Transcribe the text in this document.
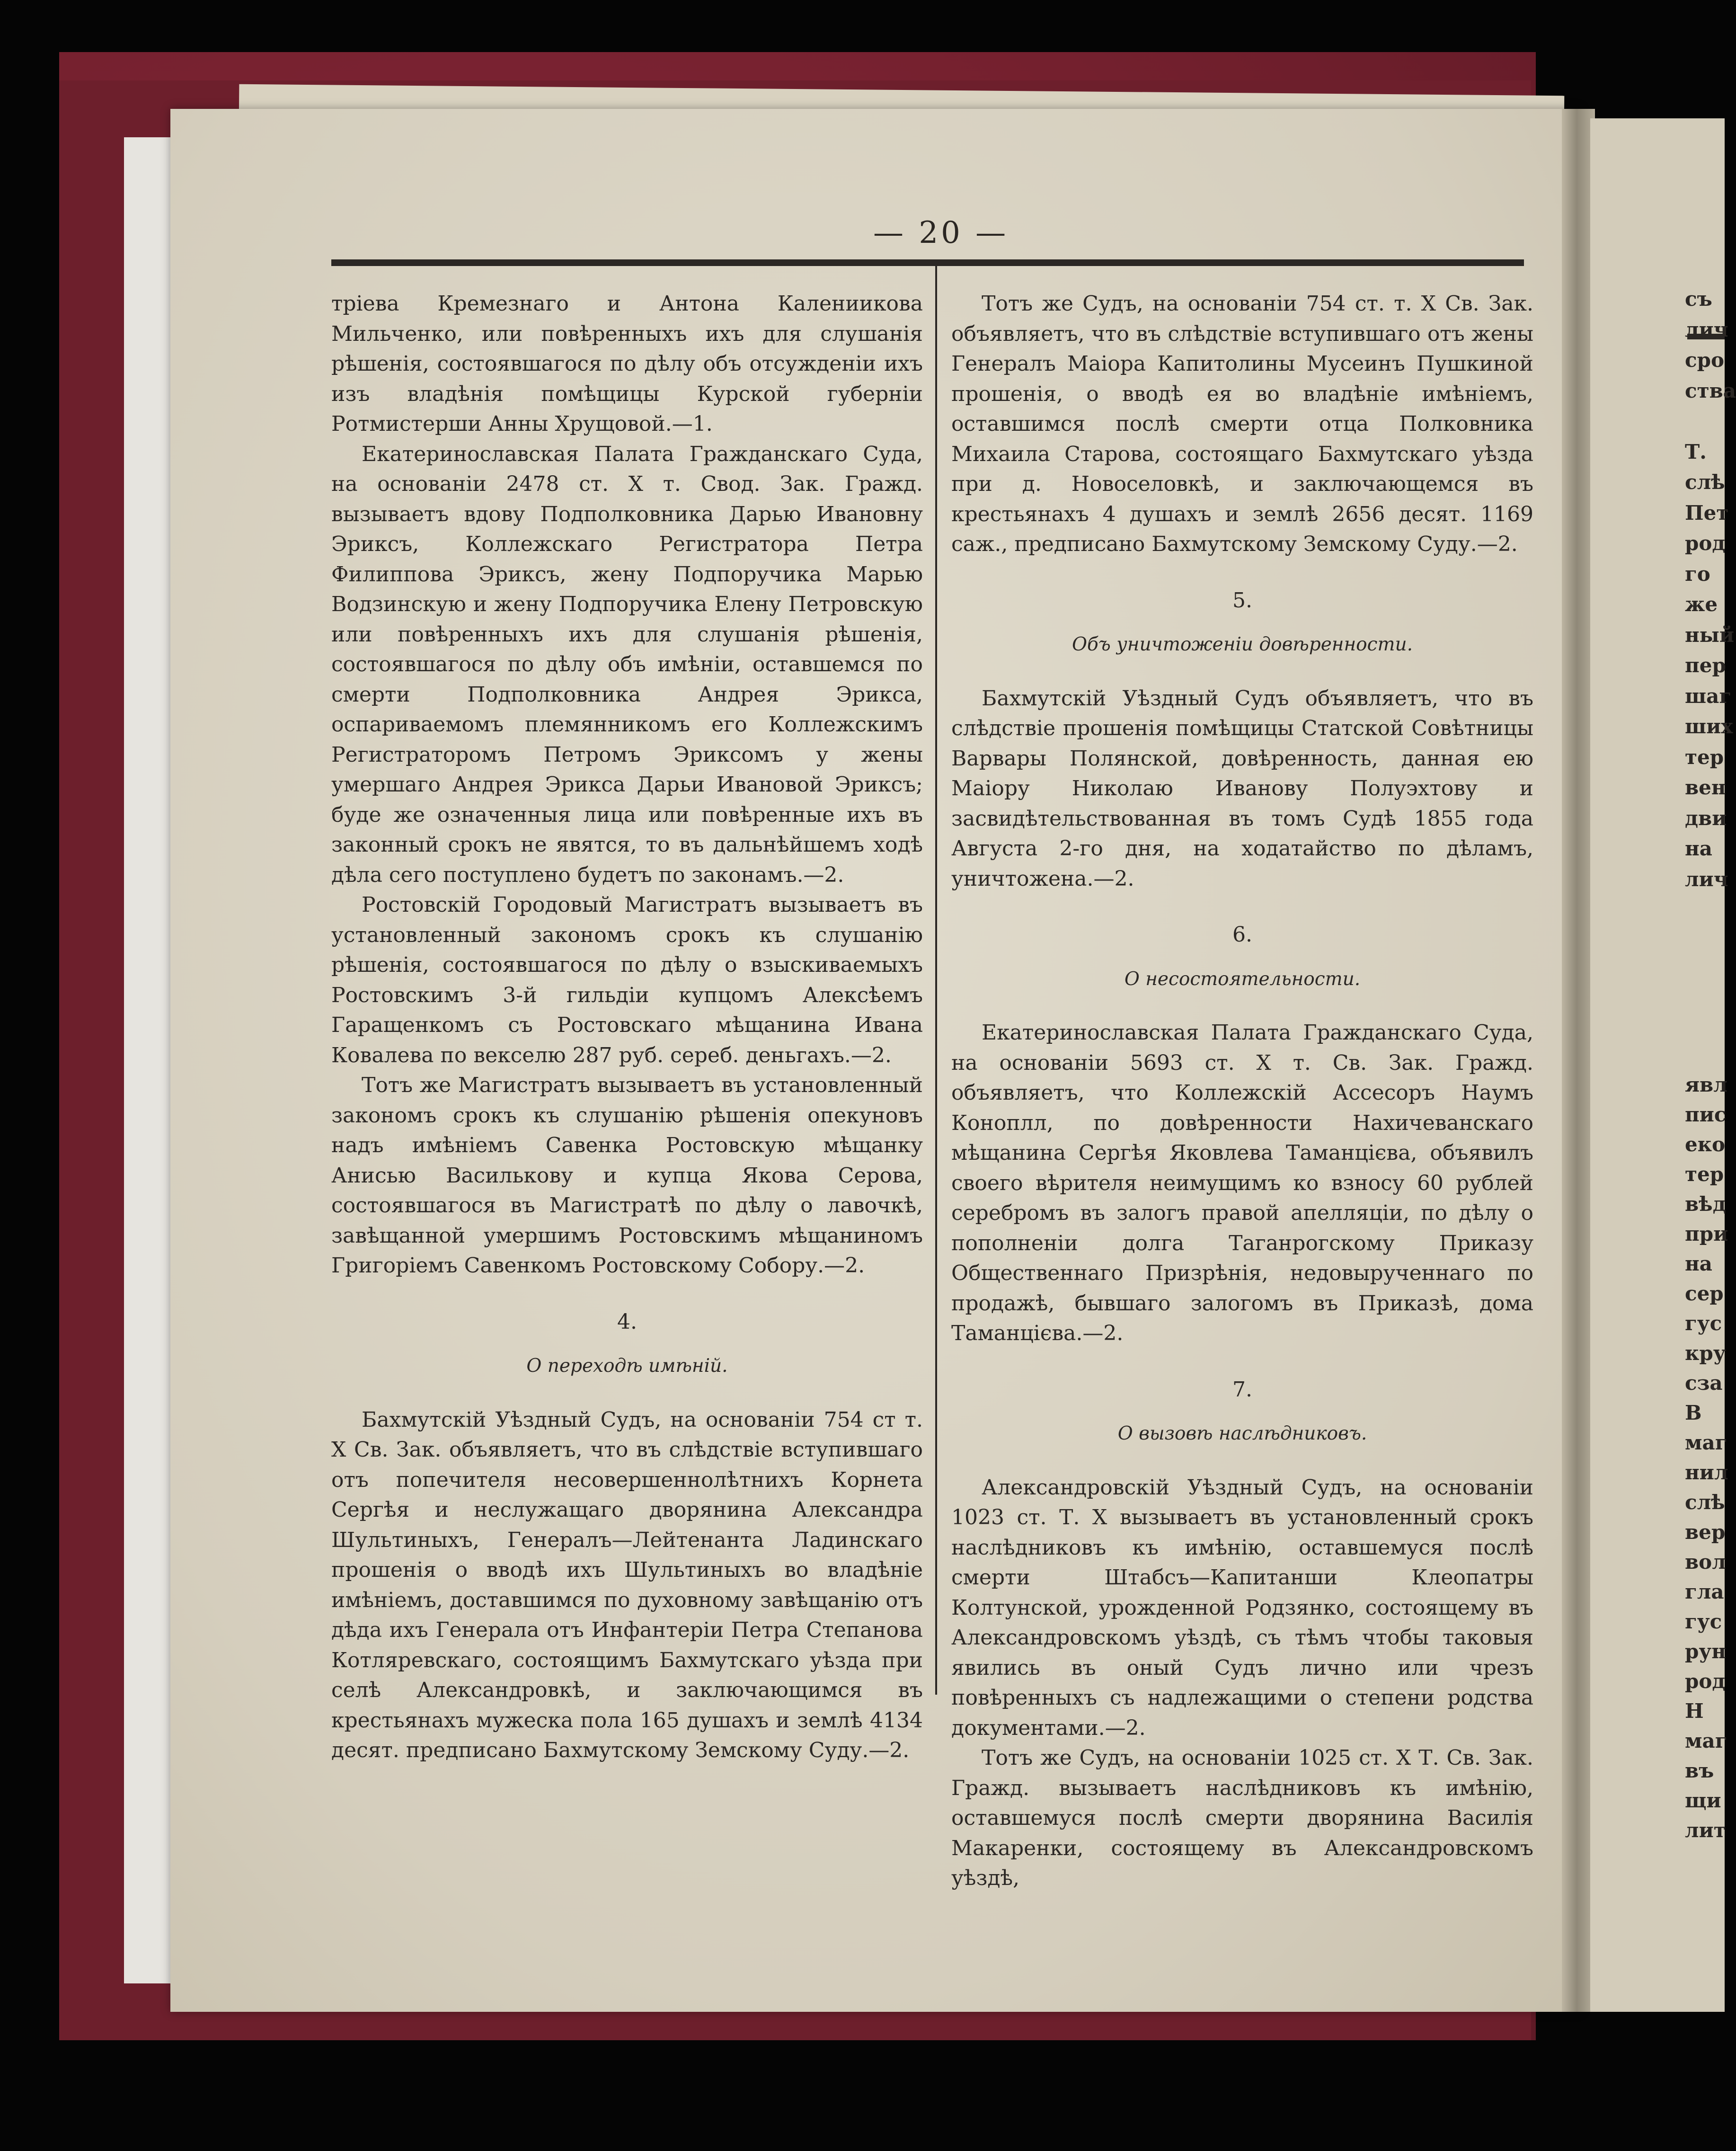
— 20 —

тріева Кремезнаго и Антона Калениикова Мильченко, или повѣренныхъ ихъ для слушанія рѣшенія, состоявшагося по дѣлу объ отсужденіи ихъ изъ владѣнія помѣщицы Курской губерніи Ротмистерши Анны Хрущовой.—1.

Екатеринославская Палата Гражданскаго Суда, на основаніи 2478 ст. X т. Свод. Зак. Гражд. вызываетъ вдову Подполковника Дарью Ивановну Эриксъ, Коллежскаго Регистратора Петра Филиппова Эриксъ, жену Подпоручика Марью Водзинскую и жену Подпоручика Елену Петровскую или повѣренныхъ ихъ для слушанія рѣшенія, состоявшагося по дѣлу объ имѣніи, оставшемся по смерти Подполковника Андрея Эрикса, оспариваемомъ племянникомъ его Коллежскимъ Регистраторомъ Петромъ Эриксомъ у жены умершаго Андрея Эрикса Дарьи Ивановой Эриксъ; буде же означенныя лица или повѣренные ихъ въ законный срокъ не явятся, то въ дальнѣйшемъ ходѣ дѣла сего поступлено будетъ по законамъ.—2.

Ростовскій Городовый Магистратъ вызываетъ въ установленный закономъ срокъ къ слушанію рѣшенія, состоявшагося по дѣлу о взыскиваемыхъ Ростовскимъ 3-й гильдіи купцомъ Алексѣемъ Гаращенкомъ съ Ростовскаго мѣщанина Ивана Ковалева по векселю 287 руб. сереб. деньгахъ.—2.

Тотъ же Магистратъ вызываетъ въ установленный закономъ срокъ къ слушанію рѣшенія опекуновъ надъ имѣніемъ Савенка Ростовскую мѣщанку Анисью Василькову и купца Якова Серова, состоявшагося въ Магистратѣ по дѣлу о лавочкѣ, завѣщанной умершимъ Ростовскимъ мѣщаниномъ Григоріемъ Савенкомъ Ростовскому Собору.—2.

4.

О переходѣ имѣній.

Бахмутскій Уѣздный Судъ, на основаніи 754 ст т. X Св. Зак. объявляетъ, что въ слѣдствіе вступившаго отъ попечителя несовершеннолѣтнихъ Корнета Сергѣя и неслужащаго дворянина Александра Шультиныхъ, Генералъ—Лейтенанта Ладинскаго прошенія о вводѣ ихъ Шультиныхъ во владѣніе имѣніемъ, доставшимся по духовному завѣщанію отъ дѣда ихъ Генерала отъ Инфантеріи Петра Степанова Котляревскаго, состоящимъ Бахмутскаго уѣзда при селѣ Александровкѣ, и заключающимся въ крестьянахъ мужеска пола 165 душахъ и землѣ 4134 десят. предписано Бахмутскому Земскому Суду.—2.

Тотъ же Судъ, на основаніи 754 ст. т. X Св. Зак. объявляетъ, что въ слѣдствіе вступившаго отъ жены Генералъ Маіора Капитолины Мусеинъ Пушкиной прошенія, о вводѣ ея во владѣніе имѣніемъ, оставшимся послѣ смерти отца Полковника Михаила Старова, состоящаго Бахмутскаго уѣзда при д. Новоселовкѣ, и заключающемся въ крестьянахъ 4 душахъ и землѣ 2656 десят. 1169 саж., предписано Бахмутскому Земскому Суду.—2.

5.

Объ уничтоженіи довѣренности.

Бахмутскій Уѣздный Судъ объявляетъ, что въ слѣдствіе прошенія помѣщицы Статской Совѣтницы Варвары Полянской, довѣренность, данная ею Маіору Николаю Иванову Полуэхтову и засвидѣтельствованная въ томъ Судѣ 1855 года Августа 2-го дня, на ходатайство по дѣламъ, уничтожена.—2.

6.

О несостоятельности.

Екатеринославская Палата Гражданскаго Суда, на основаніи 5693 ст. X т. Св. Зак. Гражд. объявляетъ, что Коллежскій Ассесоръ Наумъ Коноплл, по довѣренности Нахичеванскаго мѣщанина Сергѣя Яковлева Таманцієва, объявилъ своего вѣрителя неимущимъ ко взносу 60 рублей серебромъ въ залогъ правой апелляціи, по дѣлу о пополненіи долга Таганрогскому Приказу Общественнаго Призрѣнія, недовырученнаго по продажѣ, бывшаго залогомъ въ Приказѣ, дома Таманцієва.—2.

7.

О вызовѣ наслѣдниковъ.

Александровскій Уѣздный Судъ, на основаніи 1023 ст. Т. X вызываетъ въ установленный срокъ наслѣдниковъ къ имѣнію, оставшемуся послѣ смерти Штабсъ—Капитанши Клеопатры Колтунской, урожденной Родзянко, состоящему въ Александровскомъ уѣздѣ, съ тѣмъ чтобы таковыя явились въ оный Судъ лично или чрезъ повѣренныхъ съ надлежащими о степени родства документами.—2.

Тотъ же Судъ, на основаніи 1025 ст. X Т. Св. Зак. Гражд. вызываетъ наслѣдниковъ къ имѣнію, оставшемуся послѣ смерти дворянина Василія Макаренки, состоящему въ Александровскомъ уѣздѣ,

съ
лич
сро
ства

Т.
слѣ
Пет
род
го
же
ный
пер
шаг
ших
тер
вен
дви
на
лич
явл
пис
еко
тер
вѣд
при
на
сер
гус
кру
сза
В
маг
нил
слѣ
вер
вол
гла
гус
рун
род
Н
маг
въ
щи
лит
